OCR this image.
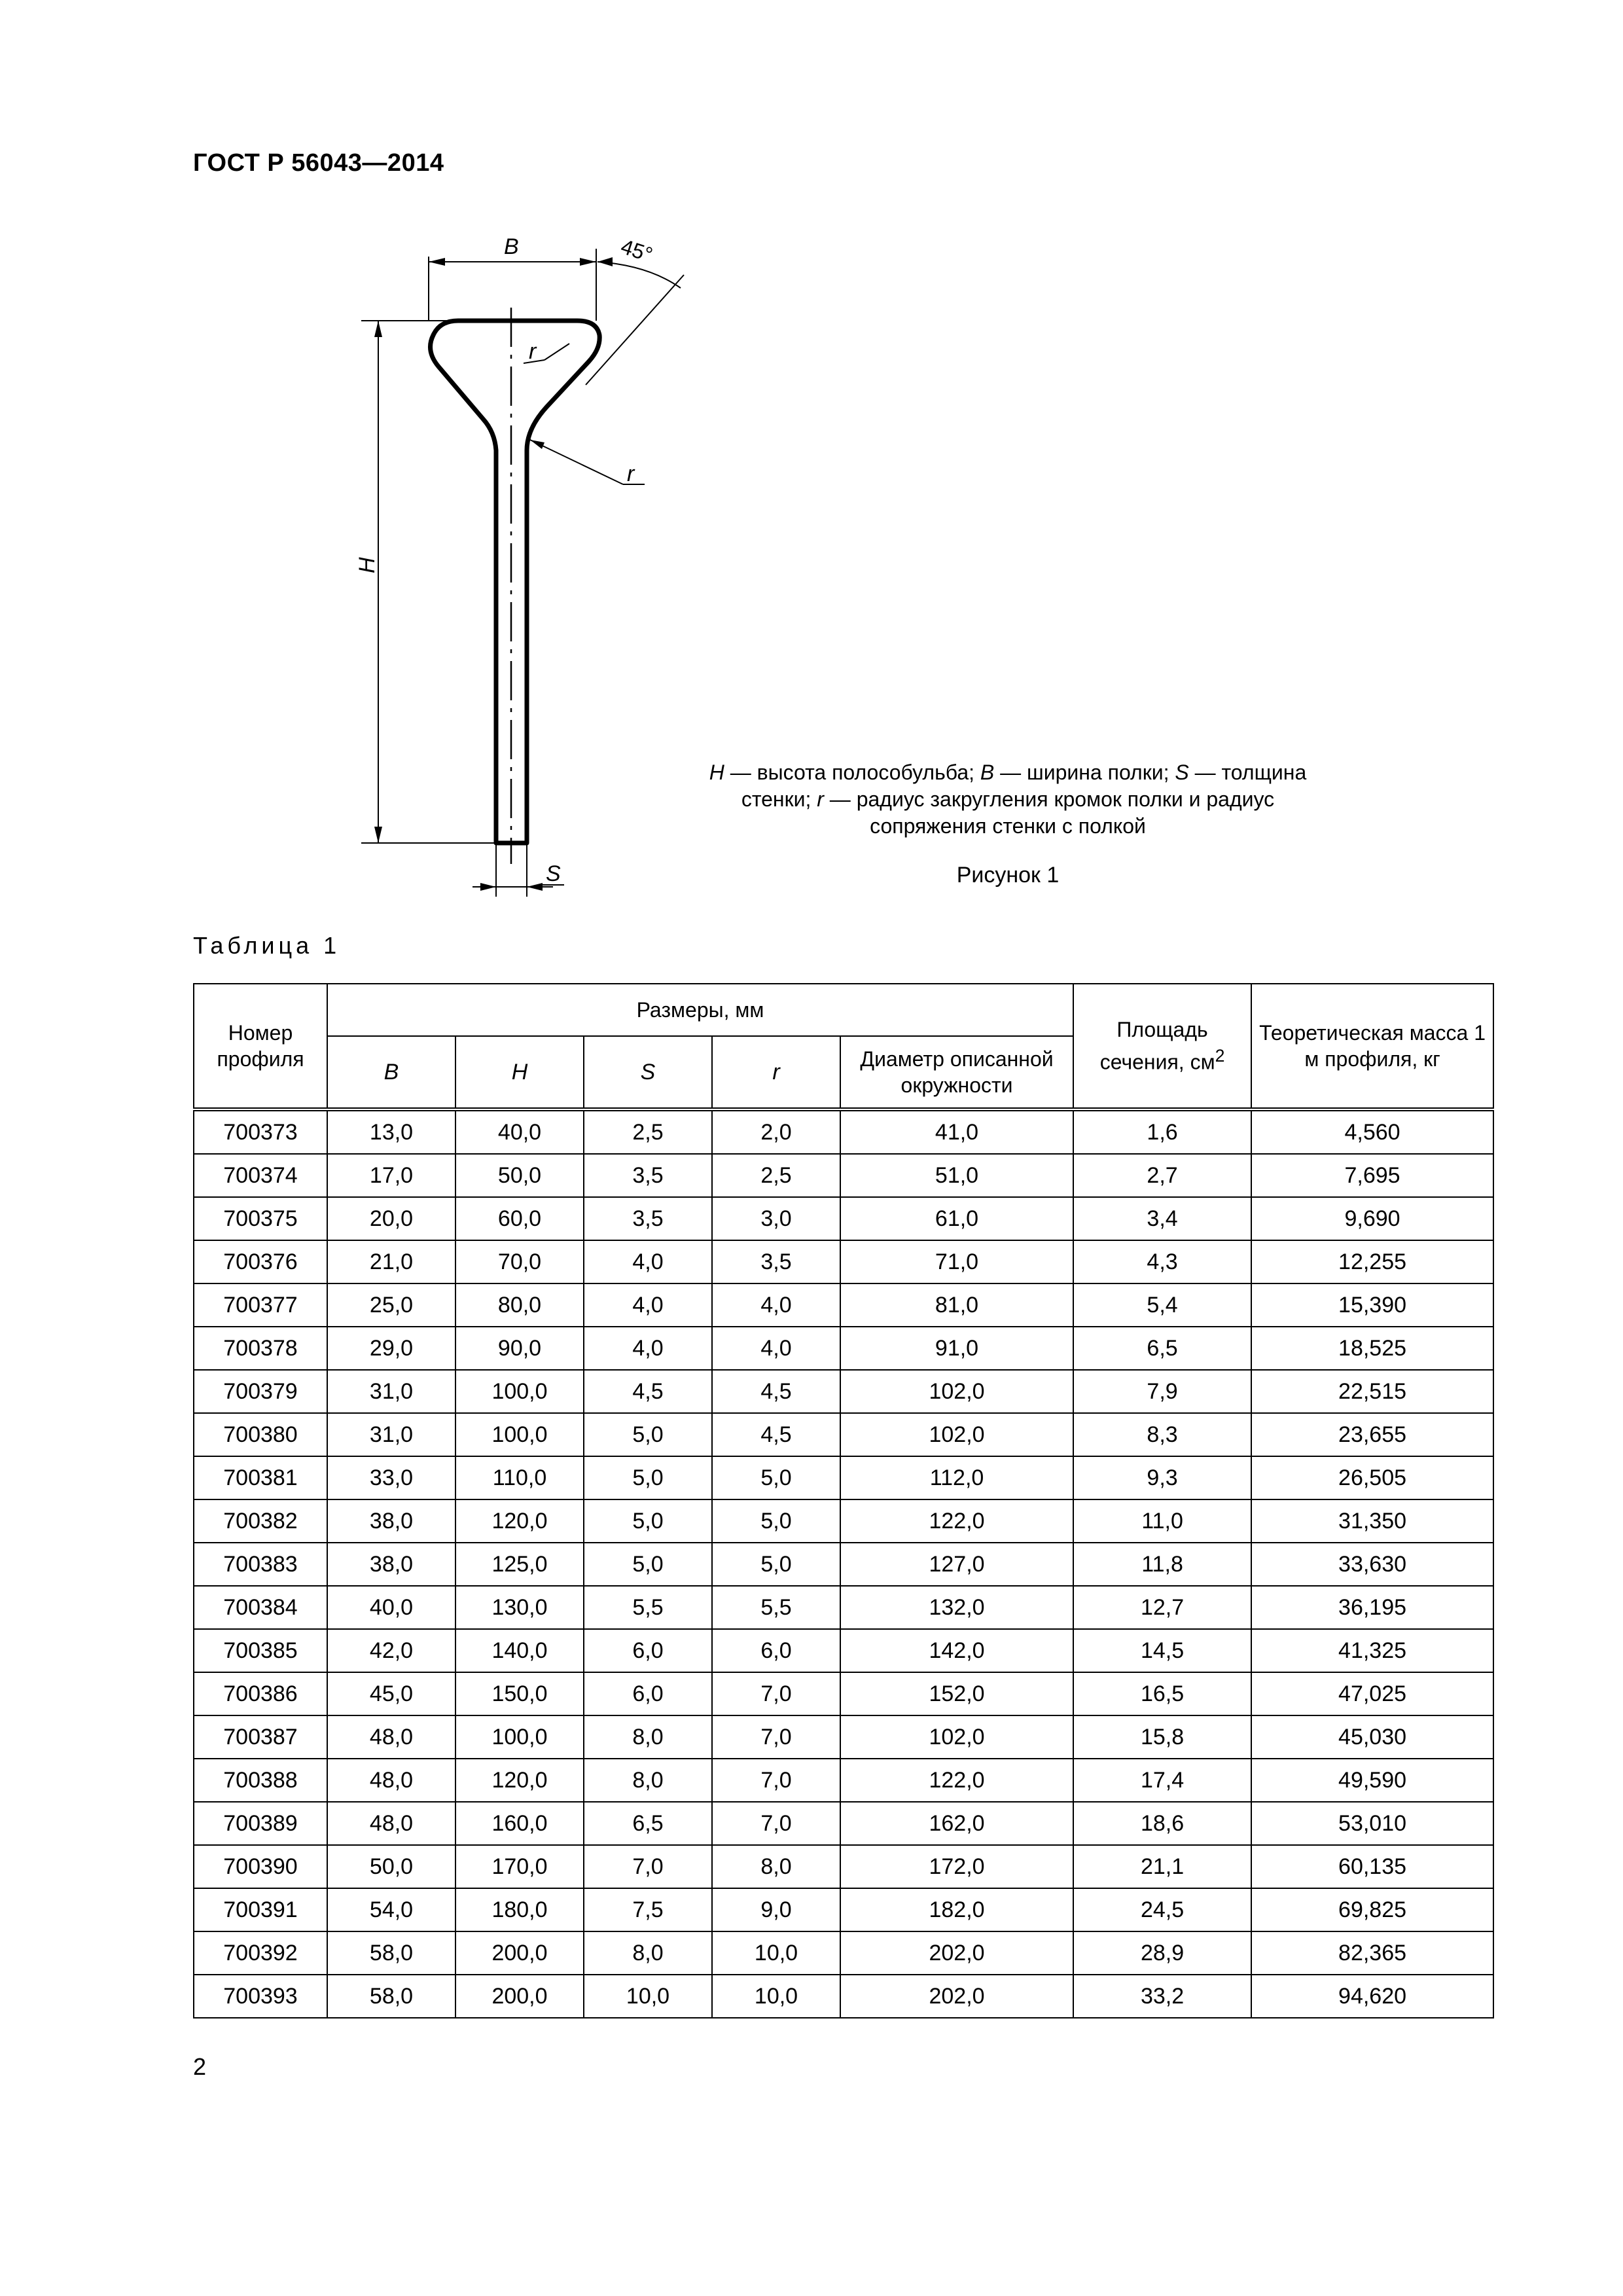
ГОСТ Р 56043—2014
B	45°
r
r
H
S
H — высота полособульба; B — ширина полки; S — толщина стенки; r — радиус закругления кромок полки и радиус сопряжения стенки с полкой
Рисунок 1
Таблица 1
Номер профиля	Размеры, мм					Площадь сечения, $см^2$	Теоретическая масса 1 м профиля, кг
	B	H	S	r	Диаметр описанной окружности		
700373	13,0	40,0	2,5	2,0	41,0	1,6	4,560
700374	17,0	50,0	3,5	2,5	51,0	2,7	7,695
700375	20,0	60,0	3,5	3,0	61,0	3,4	9,690
700376	21,0	70,0	4,0	3,5	71,0	4,3	12,255
700377	25,0	80,0	4,0	4,0	81,0	5,4	15,390
700378	29,0	90,0	4,0	4,0	91,0	6,5	18,525
700379	31,0	100,0	4,5	4,5	102,0	7,9	22,515
700380	31,0	100,0	5,0	4,5	102,0	8,3	23,655
700381	33,0	110,0	5,0	5,0	112,0	9,3	26,505
700382	38,0	120,0	5,0	5,0	122,0	11,0	31,350
700383	38,0	125,0	5,0	5,0	127,0	11,8	33,630
700384	40,0	130,0	5,5	5,5	132,0	12,7	36,195
700385	42,0	140,0	6,0	6,0	142,0	14,5	41,325
700386	45,0	150,0	6,0	7,0	152,0	16,5	47,025
700387	48,0	100,0	8,0	7,0	102,0	15,8	45,030
700388	48,0	120,0	8,0	7,0	122,0	17,4	49,590
700389	48,0	160,0	6,5	7,0	162,0	18,6	53,010
700390	50,0	170,0	7,0	8,0	172,0	21,1	60,135
700391	54,0	180,0	7,5	9,0	182,0	24,5	69,825
700392	58,0	200,0	8,0	10,0	202,0	28,9	82,365
700393	58,0	200,0	10,0	10,0	202,0	33,2	94,620
2
